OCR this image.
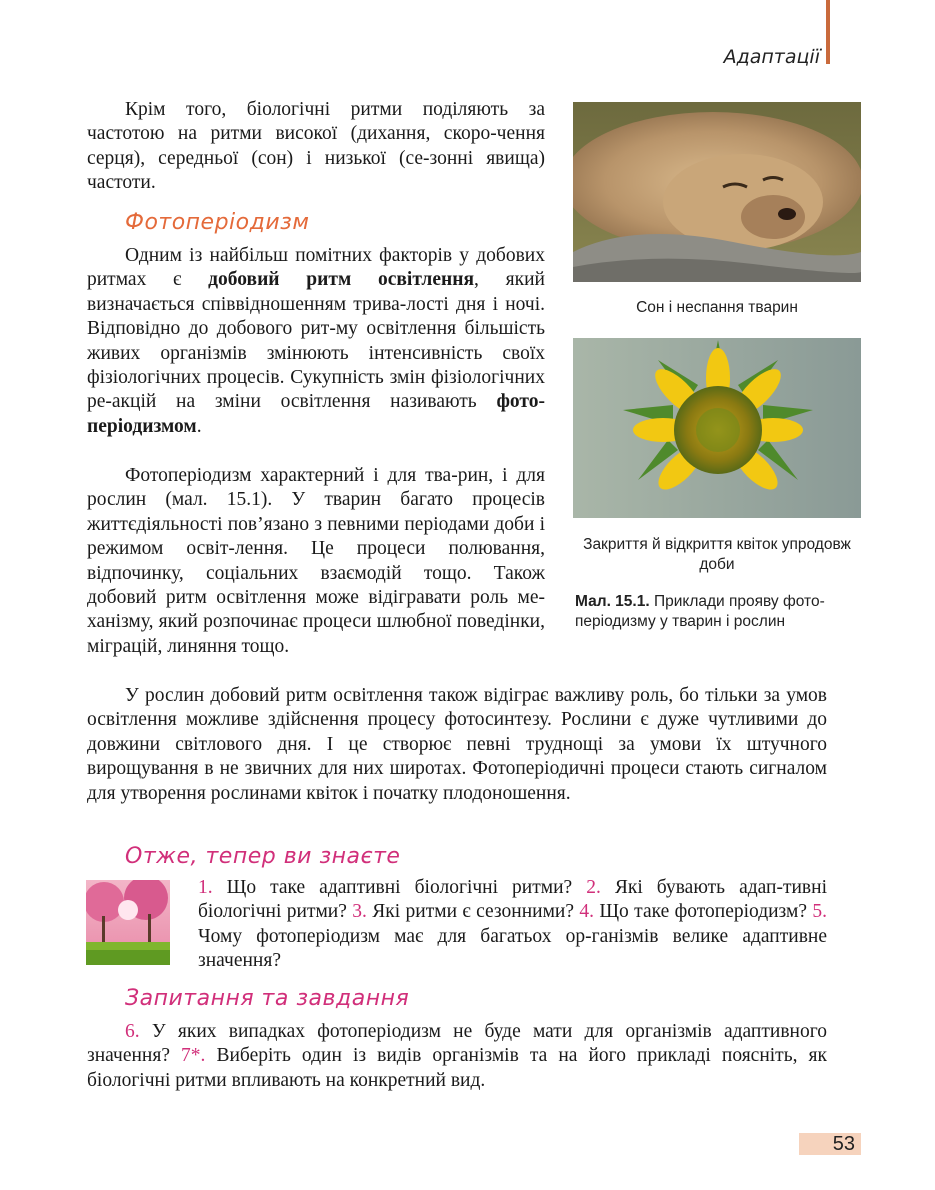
Адаптації

Крім того, біологічні ритми поділяють за частотою на ритми високої (дихання, скоро-чення серця), середньої (сон) і низької (се-зонні явища) частоти.

Фотоперіодизм

Одним із найбільш помітних факторів у добових ритмах є добовий ритм освітлення, який визначається співвідношенням трива-лості дня і ночі. Відповідно до добового рит-му освітлення більшість живих організмів змінюють інтенсивність своїх фізіологічних процесів. Сукупність змін фізіологічних ре-акцій на зміни освітлення називають фото-періодизмом.

Фотоперіодизм характерний і для тва-рин, і для рослин (мал. 15.1). У тварин багато процесів життєдіяльності пов’язано з певними періодами доби і режимом освіт-лення. Це процеси полювання, відпочинку, соціальних взаємодій тощо. Також добовий ритм освітлення може відігравати роль ме-ханізму, який розпочинає процеси шлюбної поведінки, міграцій, линяння тощо.

У рослин добовий ритм освітлення також відіграє важливу роль, бо тільки за умов освітлення можливе здійснення процесу фотосинтезу. Рослини є дуже чутливими до довжини світлового дня. І це створює певні труднощі за умови їх штучного вирощування в не звичних для них широтах. Фотоперіодичні процеси стають сигналом для утворення рослинами квіток і початку плодоношення.

Сон і неспання тварин
Закриття й відкриття квіток упродовж доби
Мал. 15.1. Приклади прояву фото-періодизму у тварин і рослин
Отже, тепер ви знаєте

1. Що таке адаптивні біологічні ритми? 2. Які бувають адап-тивні біологічні ритми? 3. Які ритми є сезонними? 4. Що таке фотоперіодизм? 5. Чому фотоперіодизм має для багатьох ор-ганізмів велике адаптивне значення?

Запитання та завдання

6. У яких випадках фотоперіодизм не буде мати для організмів адаптивного значення? 7*. Виберіть один із видів організмів та на його прикладі поясніть, як біологічні ритми впливають на конкретний вид.

53
